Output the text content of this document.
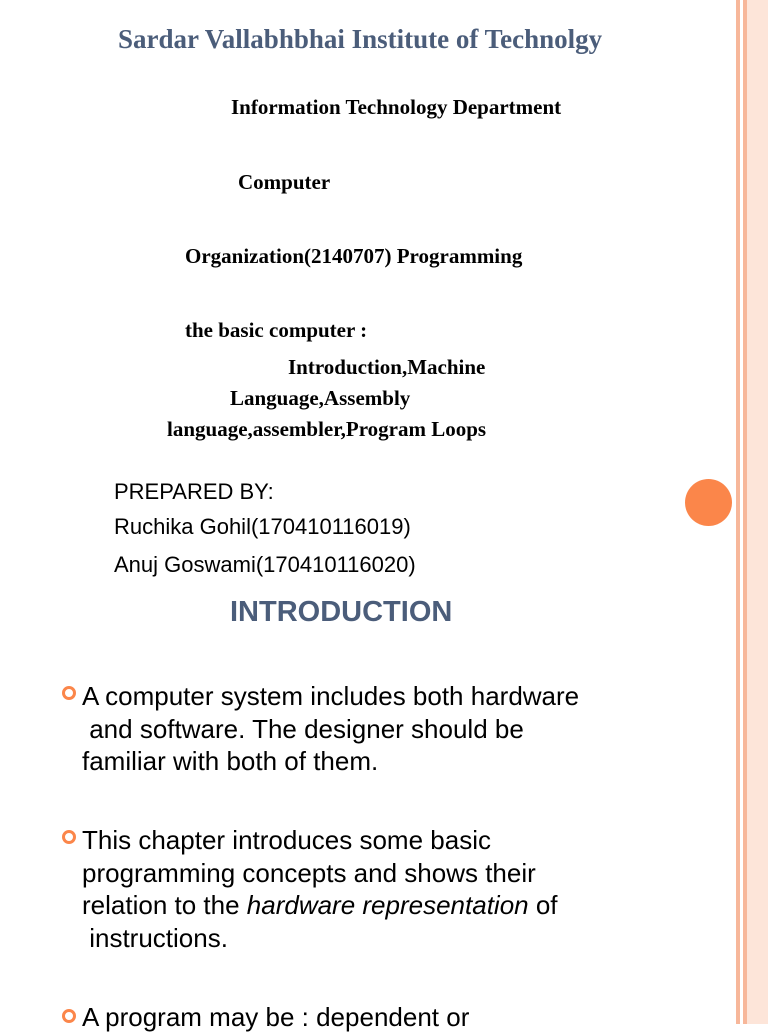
Sardar Vallabhbhai Institute of Technolgy

Information Technology Department

Computer

Organization(2140707) Programming

the basic computer :

Introduction,Machine

Language,Assembly

language,assembler,Program Loops

PREPARED BY:

Ruchika Gohil(170410116019)

Anuj Goswami(170410116020)

INTRODUCTION

A computer system includes both hardware
and software. The designer should be
familiar with both of them.

This chapter introduces some basic
programming concepts and shows their
relation to the hardware representation of
instructions.

A program may be : dependent or
